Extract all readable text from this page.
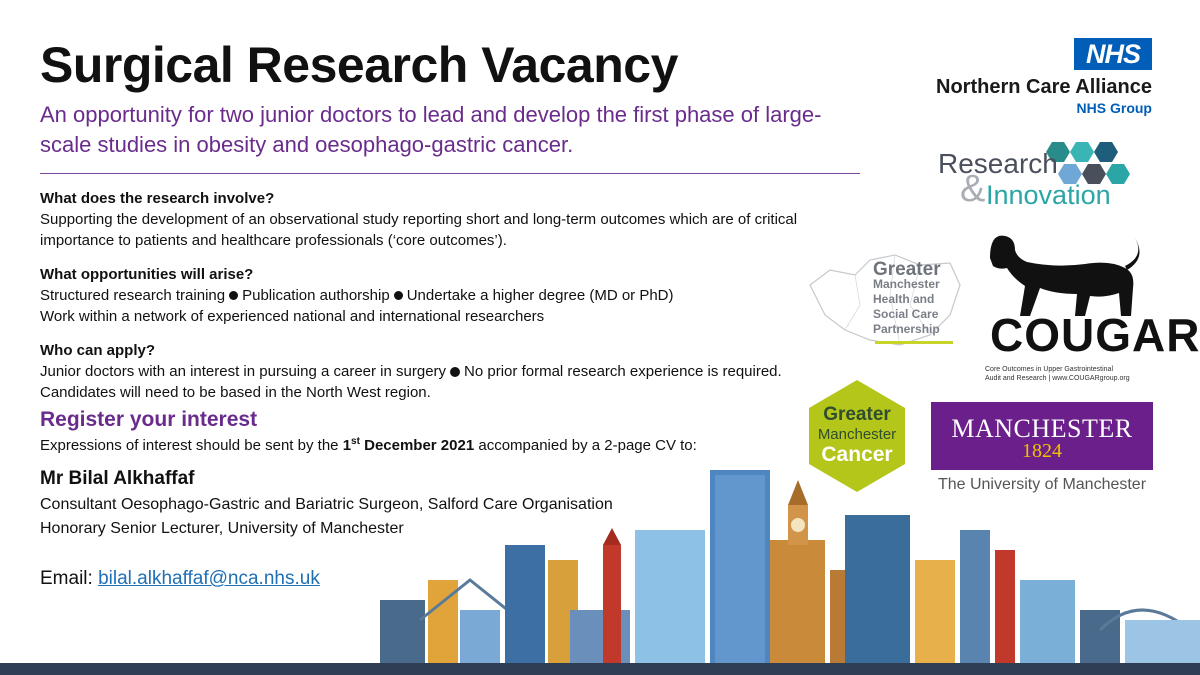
Surgical Research Vacancy
An opportunity for two junior doctors to lead and develop the first phase of large-scale studies in obesity and oesophago-gastric cancer.
What does the research involve?
Supporting the development of an observational study reporting short and long-term outcomes which are of critical importance to patients and healthcare professionals (‘core outcomes’).
What opportunities will arise?
Structured research training Publication authorship Undertake a higher degree (MD or PhD)
Work within a network of experienced national and international researchers
Who can apply?
Junior doctors with an interest in pursuing a career in surgery No prior formal research experience is required.
Candidates will need to be based in the North West region.
Register your interest
Expressions of interest should be sent by the 1st December 2021 accompanied by a 2-page CV to:
Mr Bilal Alkhaffaf
Consultant Oesophago-Gastric and Bariatric Surgeon, Salford Care Organisation
Honorary Senior Lecturer, University of Manchester
Email: bilal.alkhaffaf@nca.nhs.uk
NHS
Northern Care Alliance
NHS Group
Research
& Innovation
Greater
Manchester
Health and
Social Care
Partnership COUGAR
Core Outcomes in Upper Gastrointestinal
Audit and Research | www.COUGARgroup.org
Greater
Manchester
Cancer
MANCHESTER
1824
The University of Manchester
